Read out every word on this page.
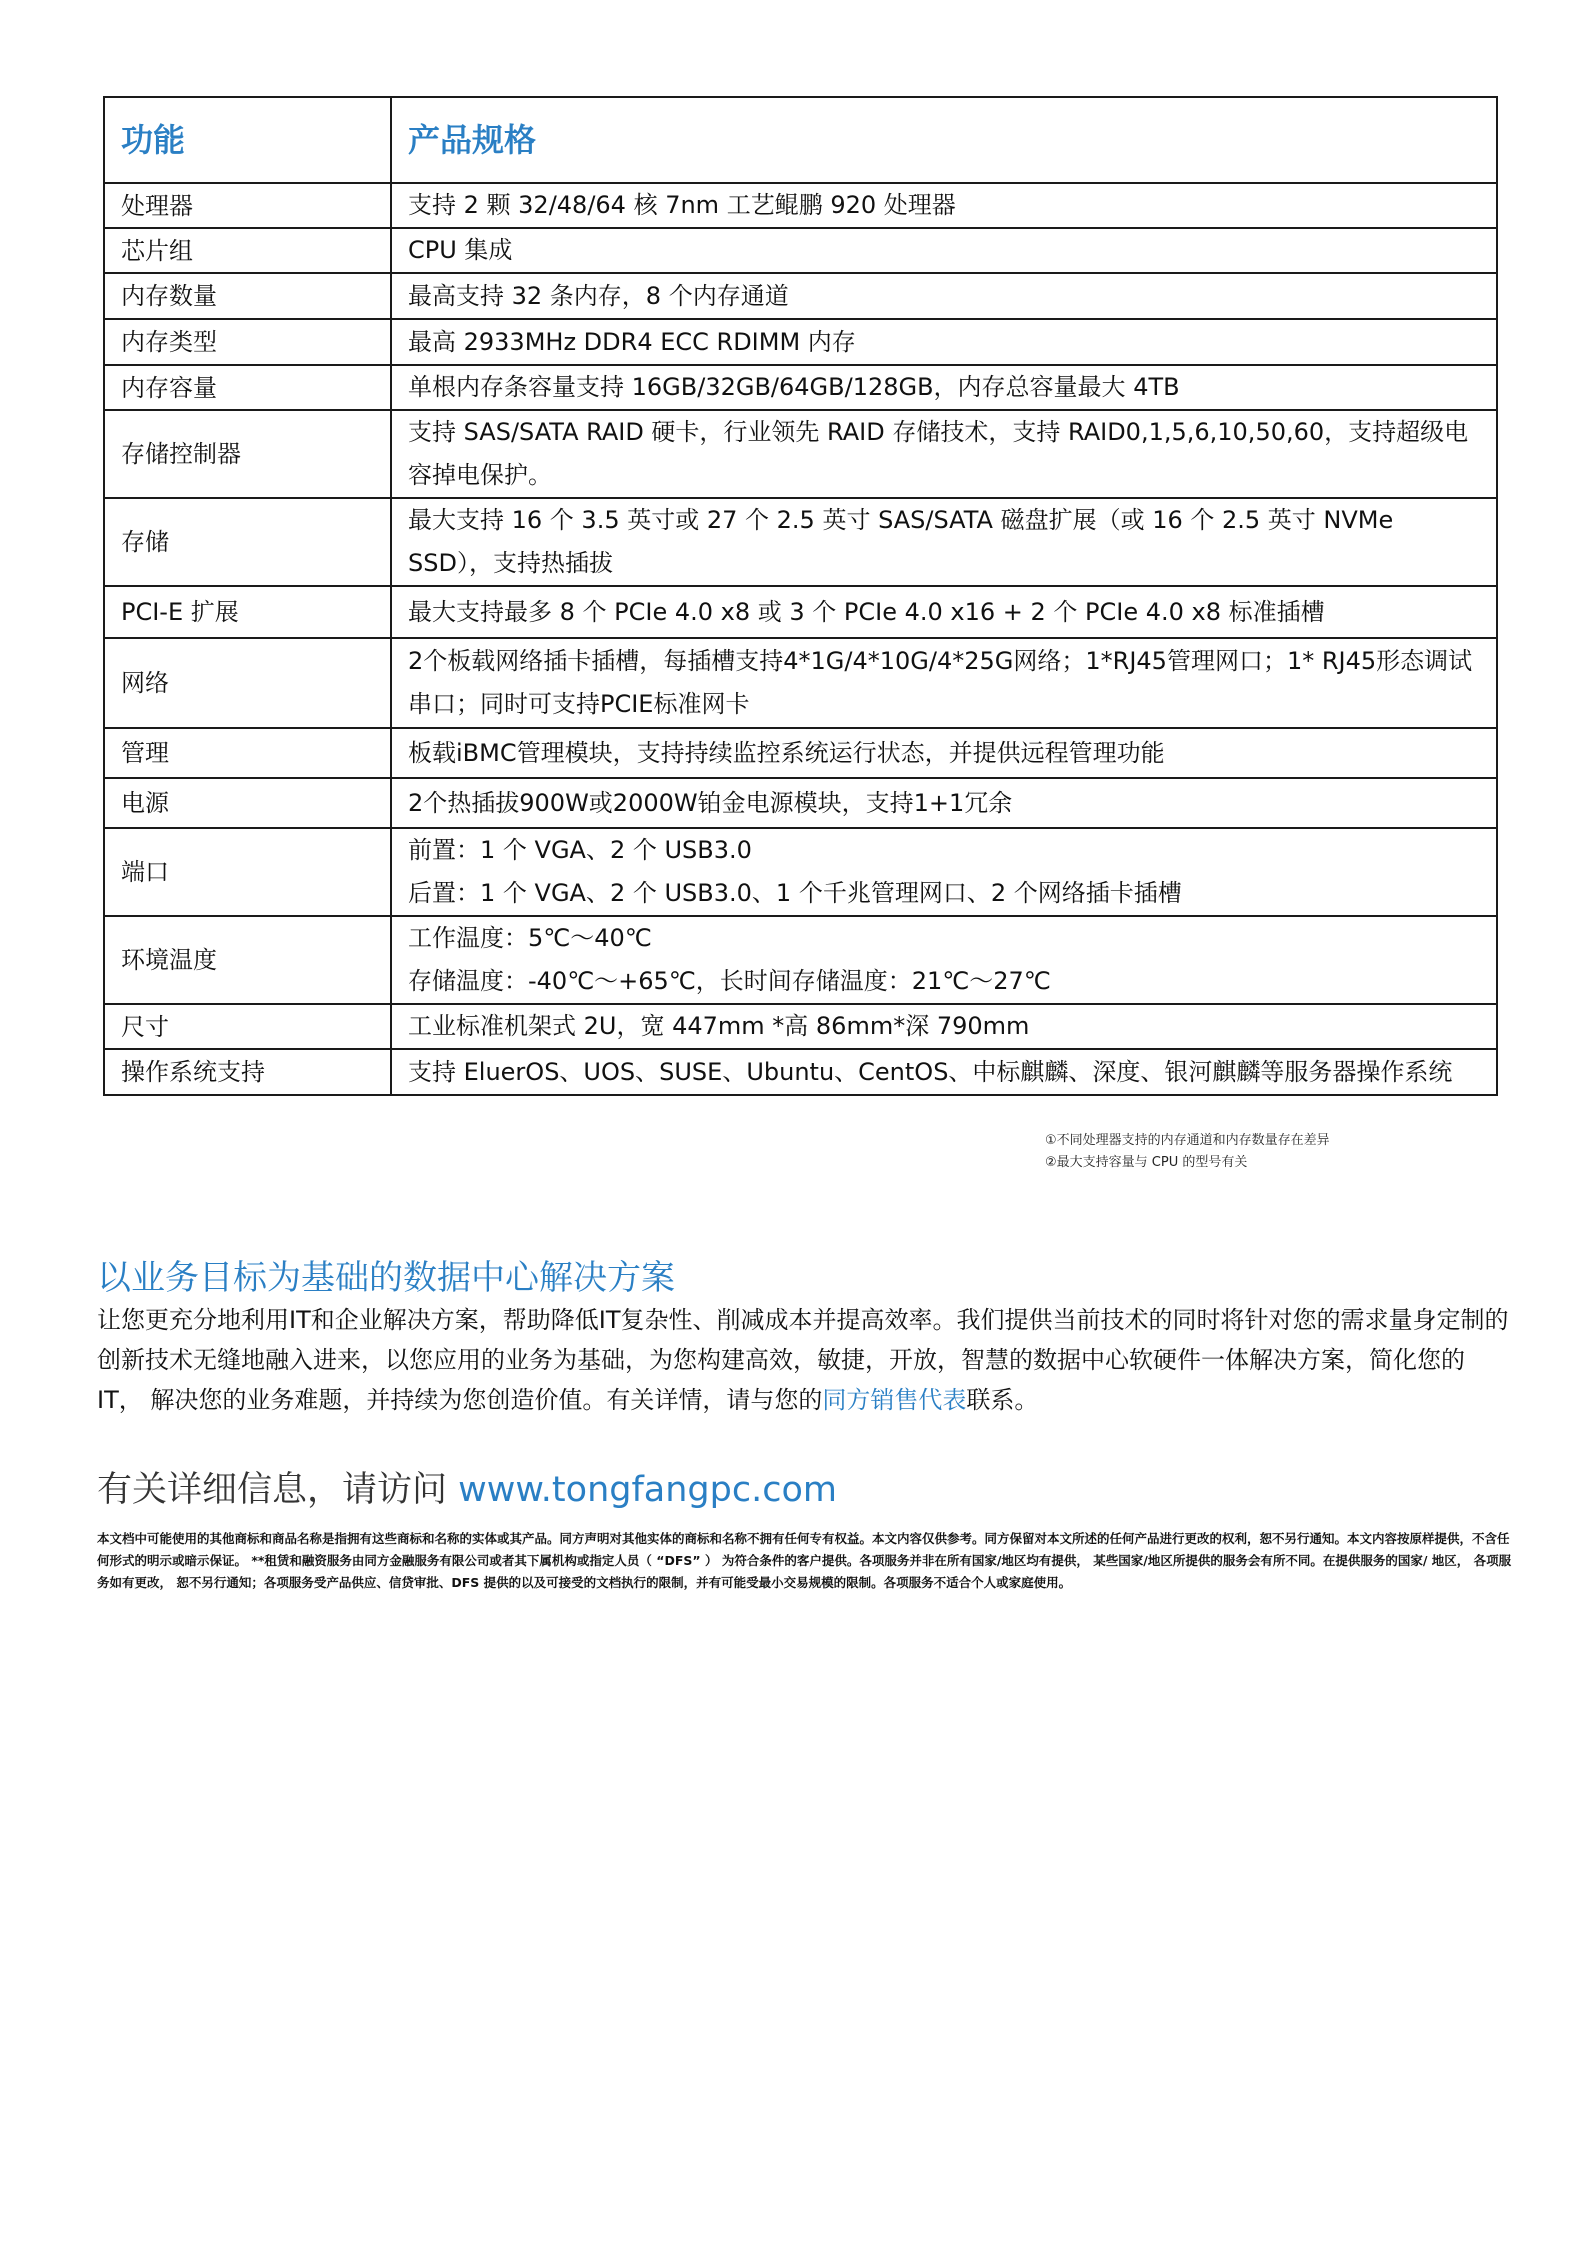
功能	产品规格
处理器	支持 2 颗 32/48/64 核 7nm 工艺鲲鹏 920 处理器

芯片组	CPU 集成

内存数量	最高支持 32 条内存，8 个内存通道

内存类型	最高 2933MHz DDR4 ECC RDIMM 内存

内存容量	单根内存条容量支持 16GB/32GB/64GB/128GB，内存总容量最大 4TB

存储控制器	支持 SAS/SATA RAID 硬卡，行业领先 RAID 存储技术，支持 RAID0,1,5,6,10,50,60，支持超级电容掉电保护。

存储	最大支持 16 个 3.5 英寸或 27 个 2.5 英寸 SAS/SATA 磁盘扩展（或 16 个 2.5 英寸 NVMe SSD），支持热插拔

PCI-E 扩展	最大支持最多 8 个 PCIe 4.0 x8 或 3 个 PCIe 4.0 x16 + 2 个 PCIe 4.0 x8 标准插槽

网络	2个板载网络插卡插槽，每插槽支持4*1G/4*10G/4*25G网络；1*RJ45管理网口；1* RJ45形态调试串口；同时可支持PCIE标准网卡

管理	板载iBMC管理模块，支持持续监控系统运行状态，并提供远程管理功能

电源	2个热插拔900W或2000W铂金电源模块，支持1+1冗余

端口	前置：1 个 VGA、2 个 USB3.0
后置：1 个 VGA、2 个 USB3.0、1 个千兆管理网口、2 个网络插卡插槽

环境温度	工作温度：5℃～40℃
存储温度：-40℃～+65℃，长时间存储温度：21℃～27℃

尺寸	工业标准机架式 2U，宽 447mm *高 86mm*深 790mm

操作系统支持	支持 EluerOS、UOS、SUSE、Ubuntu、CentOS、中标麒麟、深度、银河麒麟等服务器操作系统
①不同处理器支持的内存通道和内存数量存在差异
②最大支持容量与 CPU 的型号有关
以业务目标为基础的数据中心解决方案
让您更充分地利用IT和企业解决方案，帮助降低IT复杂性、削减成本并提高效率。我们提供当前技术的同时将针对您的需求量身定制的创新技术无缝地融入进来，以您应用的业务为基础，为您构建高效，敏捷，开放，智慧的数据中心软硬件一体解决方案，简化您的IT， 解决您的业务难题，并持续为您创造价值。有关详情，请与您的同方销售代表联系。
有关详细信息，请访问 www.tongfangpc.com
本文档中可能使用的其他商标和商品名称是指拥有这些商标和名称的实体或其产品。同方声明对其他实体的商标和名称不拥有任何专有权益。本文内容仅供参考。同方保留对本文所述的任何产品进行更改的权利，恕不另行通知。本文内容按原样提供，不含任何形式的明示或暗示保证。 **租赁和融资服务由同方金融服务有限公司或者其下属机构或指定人员（ “DFS” ） 为符合条件的客户提供。各项服务并非在所有国家/地区均有提供， 某些国家/地区所提供的服务会有所不同。在提供服务的国家/ 地区， 各项服务如有更改， 恕不另行通知；各项服务受产品供应、信贷审批、DFS 提供的以及可接受的文档执行的限制，并有可能受最小交易规模的限制。各项服务不适合个人或家庭使用。
